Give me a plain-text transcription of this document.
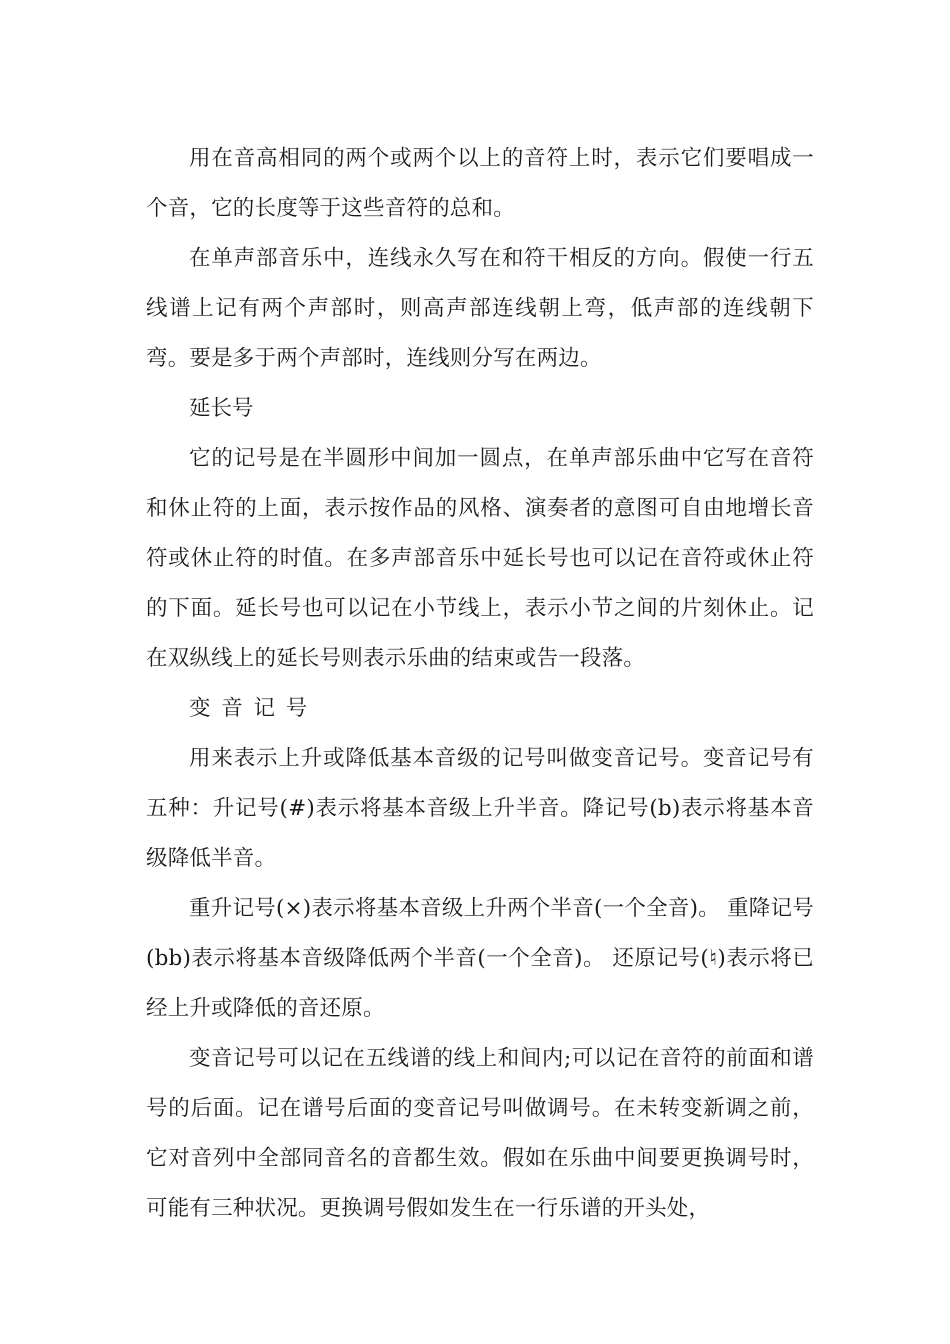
用在音高相同的两个或两个以上的音符上时，表示它们要唱成一个音，它的长度等于这些音符的总和。

在单声部音乐中，连线永久写在和符干相反的方向。假使一行五线谱上记有两个声部时，则高声部连线朝上弯，低声部的连线朝下弯。要是多于两个声部时，连线则分写在两边。

延长号

它的记号是在半圆形中间加一圆点，在单声部乐曲中它写在音符和休止符的上面，表示按作品的风格、演奏者的意图可自由地增长音符或休止符的时值。在多声部音乐中延长号也可以记在音符或休止符的下面。延长号也可以记在小节线上，表示小节之间的片刻休止。记在双纵线上的延长号则表示乐曲的结束或告一段落。

变音记号

用来表示上升或降低基本音级的记号叫做变音记号。变音记号有五种：升记号(#)表示将基本音级上升半音。降记号(b)表示将基本音级降低半音。

重升记号(×)表示将基本音级上升两个半音(一个全音)。 重降记号(bb)表示将基本音级降低两个半音(一个全音)。 还原记号(♮)表示将已经上升或降低的音还原。

变音记号可以记在五线谱的线上和间内;可以记在音符的前面和谱号的后面。记在谱号后面的变音记号叫做调号。在未转变新调之前，它对音列中全部同音名的音都生效。假如在乐曲中间要更换调号时，可能有三种状况。更换调号假如发生在一行乐谱的开头处，
